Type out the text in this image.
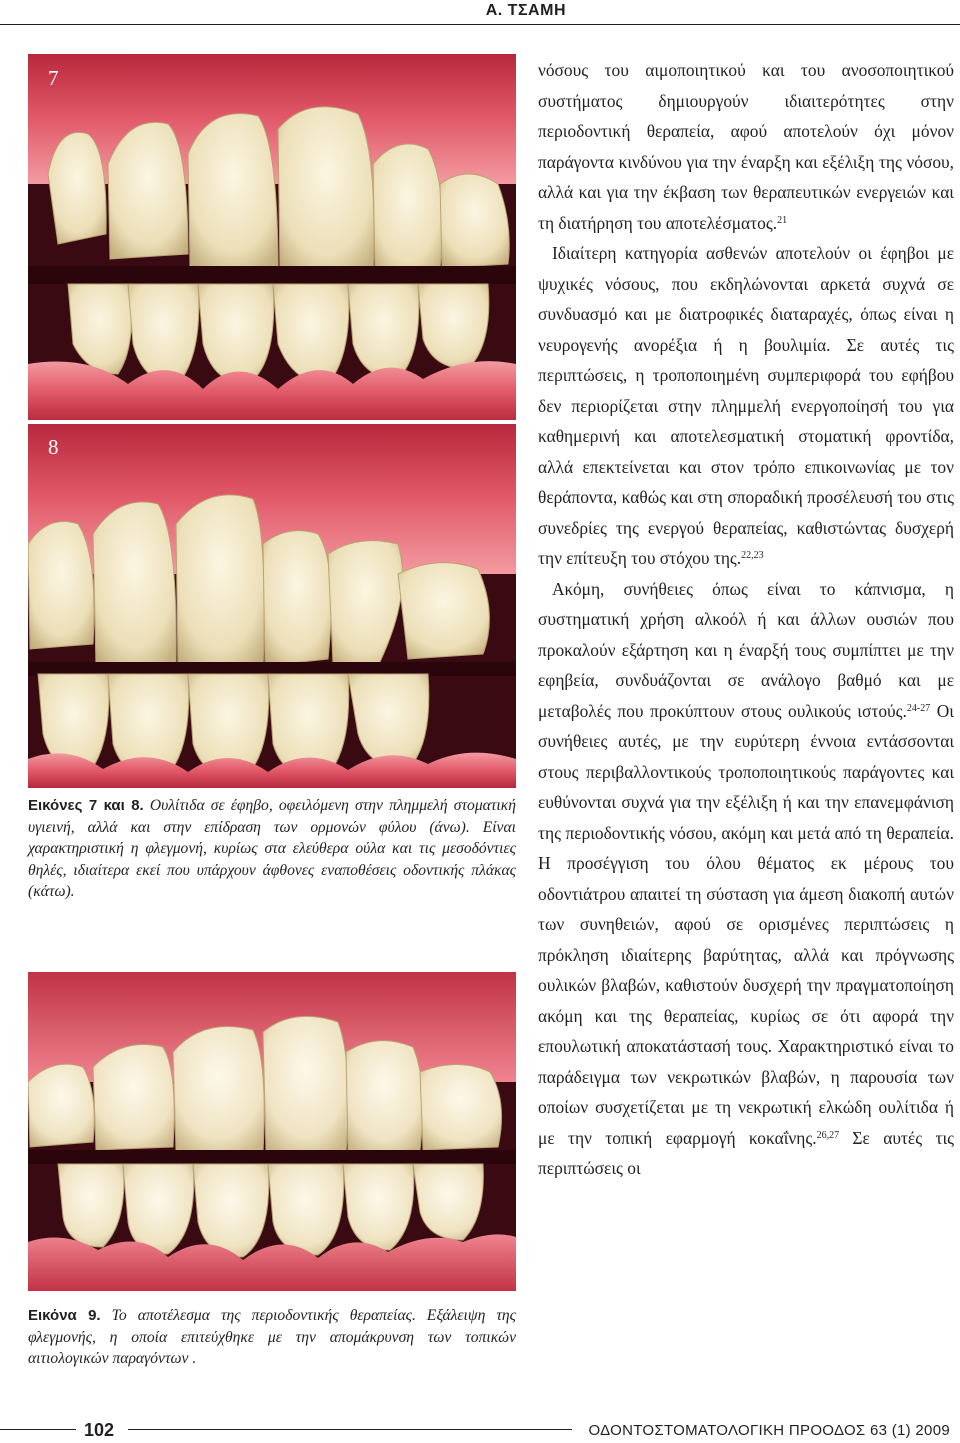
Α. ΤΣΑΜΗ
7
8
Εικόνες 7 και 8. Ουλίτιδα σε έφηβο, οφειλόμενη στην πλημμελή στοματική υγιεινή, αλλά και στην επίδραση των ορμονών φύλου (άνω). Είναι χαρακτηριστική η φλεγμονή, κυρίως στα ελεύθερα ούλα και τις μεσοδόντιες θηλές, ιδιαίτερα εκεί που υπάρχουν άφθονες εναποθέσεις οδοντικής πλάκας (κάτω).
Εικόνα 9. Το αποτέλεσμα της περιοδοντικής θεραπείας. Εξάλειψη της φλεγμονής, η οποία επιτεύχθηκε με την απομάκρυνση των τοπικών αιτιολογικών παραγόντων .

νόσους του αιμοποιητικού και του ανοσοποιητικού συστήματος δημιουργούν ιδιαιτερότητες στην περιοδοντική θεραπεία, αφού αποτελούν όχι μόνον παράγοντα κινδύνου για την έναρξη και εξέλιξη της νόσου, αλλά και για την έκβαση των θεραπευτικών ενεργειών και τη διατήρηση του αποτελέσματος.$^{21}$

Ιδιαίτερη κατηγορία ασθενών αποτελούν οι έφηβοι με ψυχικές νόσους, που εκδηλώνονται αρκετά συχνά σε συνδυασμό και με διατροφικές διαταραχές, όπως είναι η νευρογενής ανορέξια ή η βουλιμία. Σε αυτές τις περιπτώσεις, η τροποποιημένη συμπεριφορά του εφήβου δεν περιορίζεται στην πλημμελή ενεργοποίησή του για καθημερινή και αποτελεσματική στοματική φροντίδα, αλλά επεκτείνεται και στον τρόπο επικοινωνίας με τον θεράποντα, καθώς και στη σποραδική προσέλευσή του στις συνεδρίες της ενεργού θεραπείας, καθιστώντας δυσχερή την επίτευξη του στόχου της.$^{22,23}$

Ακόμη, συνήθειες όπως είναι το κάπνισμα, η συστηματική χρήση αλκοόλ ή και άλλων ουσιών που προκαλούν εξάρτηση και η έναρξή τους συμπίπτει με την εφηβεία, συνδυάζονται σε ανάλογο βαθμό και με μεταβολές που προκύπτουν στους ουλικούς ιστούς.$^{24-27}$ Οι συνήθειες αυτές, με την ευρύτερη έννοια εντάσσονται στους περιβαλλοντικούς τροποποιητικούς παράγοντες και ευθύνονται συχνά για την εξέλιξη ή και την επανεμφάνιση της περιοδοντικής νόσου, ακόμη και μετά από τη θεραπεία. Η προσέγγιση του όλου θέματος εκ μέρους του οδοντιάτρου απαιτεί τη σύσταση για άμεση διακοπή αυτών των συνηθειών, αφού σε ορισμένες περιπτώσεις η πρόκληση ιδιαίτερης βαρύτητας, αλλά και πρόγνωσης ουλικών βλαβών, καθιστούν δυσχερή την πραγματοποίηση ακόμη και της θεραπείας, κυρίως σε ότι αφορά την επουλωτική αποκατάστασή τους. Χαρακτηριστικό είναι το παράδειγμα των νεκρωτικών βλαβών, η παρουσία των οποίων συσχετίζεται με τη νεκρωτική ελκώδη ουλίτιδα ή με την τοπική εφαρμογή κοκαΐνης.$^{26,27}$ Σε αυτές τις περιπτώσεις οι

102	ΟΔΟΝΤΟΣΤΟΜΑΤΟΛΟΓΙΚΗ ΠΡΟΟΔΟΣ 63 (1) 2009
